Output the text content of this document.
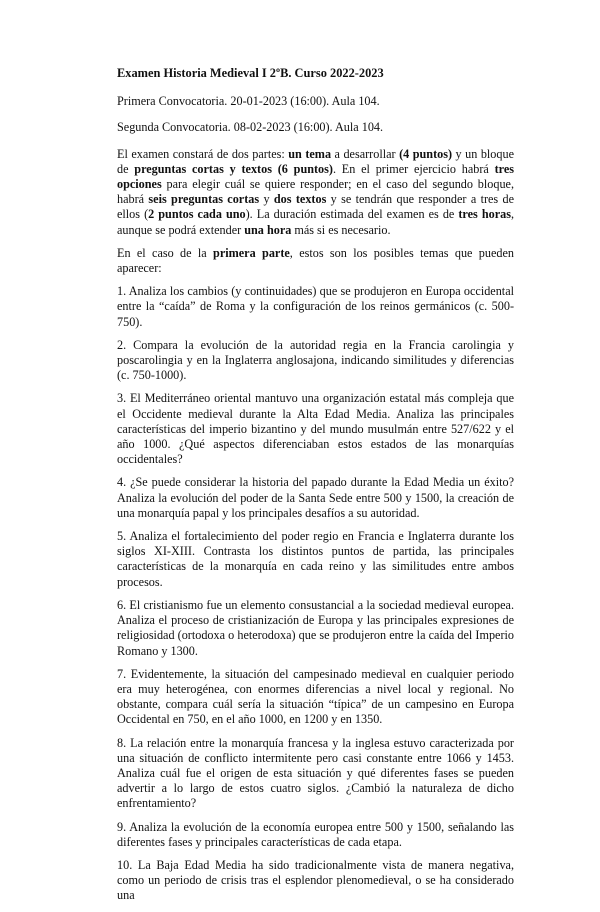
Examen Historia Medieval I 2ºB. Curso 2022-2023
Primera Convocatoria. 20-01-2023 (16:00). Aula 104.
Segunda Convocatoria. 08-02-2023 (16:00). Aula 104.

El examen constará de dos partes: un tema a desarrollar (4 puntos) y un bloque de preguntas cortas y textos (6 puntos). En el primer ejercicio habrá tres opciones para elegir cuál se quiere responder; en el caso del segundo bloque, habrá seis preguntas cortas y dos textos y se tendrán que responder a tres de ellos (2 puntos cada uno). La duración estimada del examen es de tres horas, aunque se podrá extender una hora más si es necesario.

En el caso de la primera parte, estos son los posibles temas que pueden aparecer:

1. Analiza los cambios (y continuidades) que se produjeron en Europa occidental entre la “caída” de Roma y la configuración de los reinos germánicos (c. 500-750).

2. Compara la evolución de la autoridad regia en la Francia carolingia y poscarolingia y en la Inglaterra anglosajona, indicando similitudes y diferencias (c. 750-1000).

3. El Mediterráneo oriental mantuvo una organización estatal más compleja que el Occidente medieval durante la Alta Edad Media. Analiza las principales características del imperio bizantino y del mundo musulmán entre 527/622 y el año 1000. ¿Qué aspectos diferenciaban estos estados de las monarquías occidentales?

4. ¿Se puede considerar la historia del papado durante la Edad Media un éxito? Analiza la evolución del poder de la Santa Sede entre 500 y 1500, la creación de una monarquía papal y los principales desafíos a su autoridad.

5. Analiza el fortalecimiento del poder regio en Francia e Inglaterra durante los siglos XI-XIII. Contrasta los distintos puntos de partida, las principales características de la monarquía en cada reino y las similitudes entre ambos procesos.

6. El cristianismo fue un elemento consustancial a la sociedad medieval europea. Analiza el proceso de cristianización de Europa y las principales expresiones de religiosidad (ortodoxa o heterodoxa) que se produjeron entre la caída del Imperio Romano y 1300.

7. Evidentemente, la situación del campesinado medieval en cualquier periodo era muy heterogénea, con enormes diferencias a nivel local y regional. No obstante, compara cuál sería la situación “típica” de un campesino en Europa Occidental en 750, en el año 1000, en 1200 y en 1350.

8. La relación entre la monarquía francesa y la inglesa estuvo caracterizada por una situación de conflicto intermitente pero casi constante entre 1066 y 1453. Analiza cuál fue el origen de esta situación y qué diferentes fases se pueden advertir a lo largo de estos cuatro siglos. ¿Cambió la naturaleza de dicho enfrentamiento?

9. Analiza la evolución de la economía europea entre 500 y 1500, señalando las diferentes fases y principales características de cada etapa.

10. La Baja Edad Media ha sido tradicionalmente vista de manera negativa, como un periodo de crisis tras el esplendor plenomedieval, o se ha considerado una
